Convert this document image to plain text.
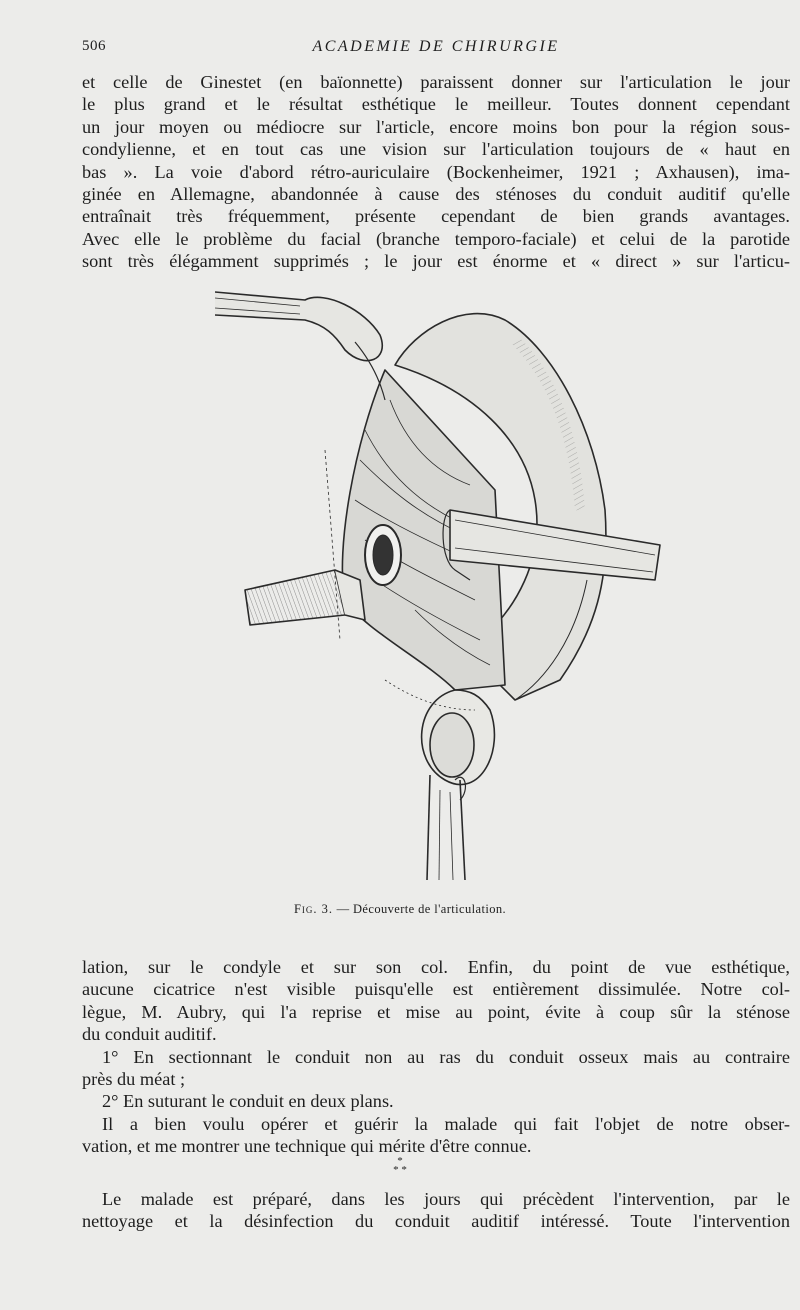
506	ACADEMIE DE CHIRURGIE
et celle de Ginestet (en baïonnette) paraissent donner sur l'articulation le jour
le plus grand et le résultat esthétique le meilleur. Toutes donnent cependant
un jour moyen ou médiocre sur l'article, encore moins bon pour la région sous-
condylienne, et en tout cas une vision sur l'articulation toujours de « haut en
bas ». La voie d'abord rétro-auriculaire (Bockenheimer, 1921 ; Axhausen), ima-
ginée en Allemagne, abandonnée à cause des sténoses du conduit auditif qu'elle
entraînait très fréquemment, présente cependant de bien grands avantages.
Avec elle le problème du facial (branche temporo-faciale) et celui de la parotide
sont très élégamment supprimés ; le jour est énorme et « direct » sur l'articu-
Fig. 3. — Découverte de l'articulation.
lation, sur le condyle et sur son col. Enfin, du point de vue esthétique,
aucune cicatrice n'est visible puisqu'elle est entièrement dissimulée. Notre col-
lègue, M. Aubry, qui l'a reprise et mise au point, évite à coup sûr la sténose
du conduit auditif.
1° En sectionnant le conduit non au ras du conduit osseux mais au contraire
près du méat ;
2° En suturant le conduit en deux plans.
Il a bien voulu opérer et guérir la malade qui fait l'objet de notre obser-
vation, et me montrer une technique qui mérite d'être connue.
*
* *
Le malade est préparé, dans les jours qui précèdent l'intervention, par le
nettoyage et la désinfection du conduit auditif intéressé. Toute l'intervention
